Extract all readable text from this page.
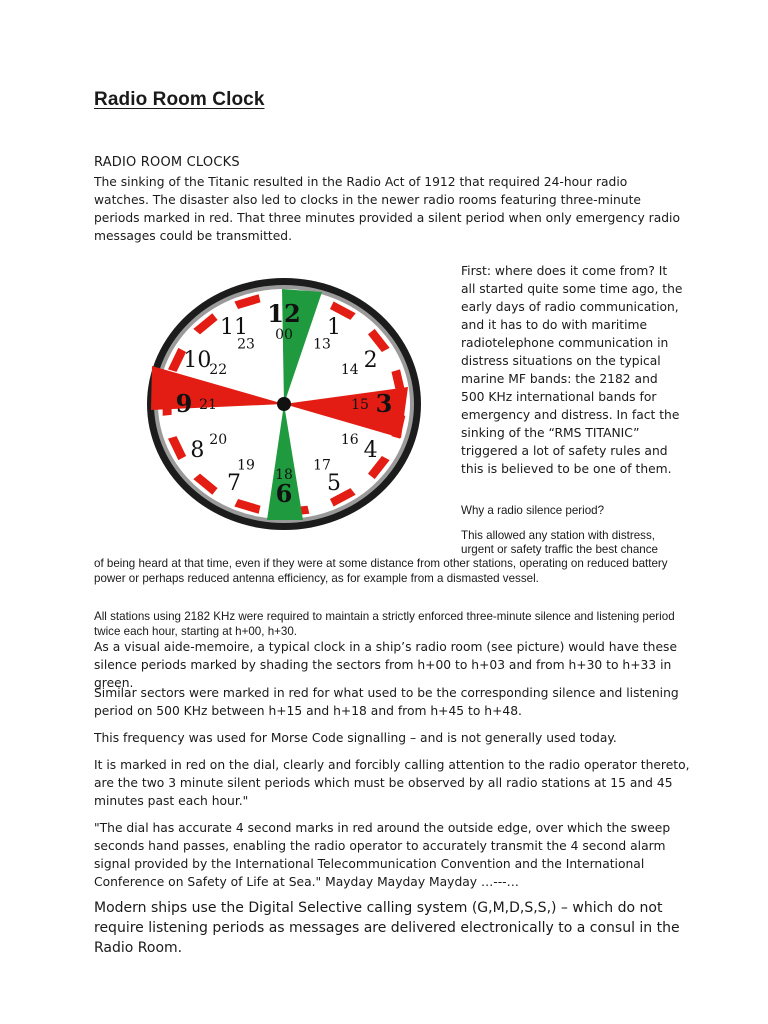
Radio Room Clock

RADIO ROOM CLOCKS

The sinking of the Titanic resulted in the Radio Act of 1912 that required 24-hour radio watches. The disaster also led to clocks in the newer radio rooms featuring three-minute periods marked in red. That three minutes provided a silent period when only emergency radio messages could be transmitted.

12
00 1
13
2
14
3
15
4
16
5
17
6
18
7
19
8 20
9 21
10
22
11
23

First: where does it come from? It all started quite some time ago, the early days of radio communication, and it has to do with maritime radiotelephone communication in distress situations on the typical marine MF bands: the 2182 and 500 KHz international bands for emergency and distress. In fact the sinking of the “RMS TITANIC” triggered a lot of safety rules and this is believed to be one of them.

Why a radio silence period?

This allowed any station with distress, urgent or safety traffic the best chance

of being heard at that time, even if they were at some distance from other stations, operating on reduced battery power or perhaps reduced antenna efficiency, as for example from a dismasted vessel.

All stations using 2182 KHz were required to maintain a strictly enforced three-minute silence and listening period twice each hour, starting at h+00, h+30.

As a visual aide-memoire, a typical clock in a ship’s radio room (see picture) would have these silence periods marked by shading the sectors from h+00 to h+03 and from h+30 to h+33 in green.

Similar sectors were marked in red for what used to be the corresponding silence and listening period on 500 KHz between h+15 and h+18 and from h+45 to h+48.

This frequency was used for Morse Code signalling – and is not generally used today.

It is marked in red on the dial, clearly and forcibly calling attention to the radio operator thereto, are the two 3 minute silent periods which must be observed by all radio stations at 15 and 45 minutes past each hour."

"The dial has accurate 4 second marks in red around the outside edge, over which the sweep seconds hand passes, enabling the radio operator to accurately transmit the 4 second alarm signal provided by the International Telecommunication Convention and the International Conference on Safety of Life at Sea." Mayday Mayday Mayday …---…

Modern ships use the Digital Selective calling system (G,M,D,S,S,) – which do not require listening periods as messages are delivered electronically to a consul in the Radio Room.
